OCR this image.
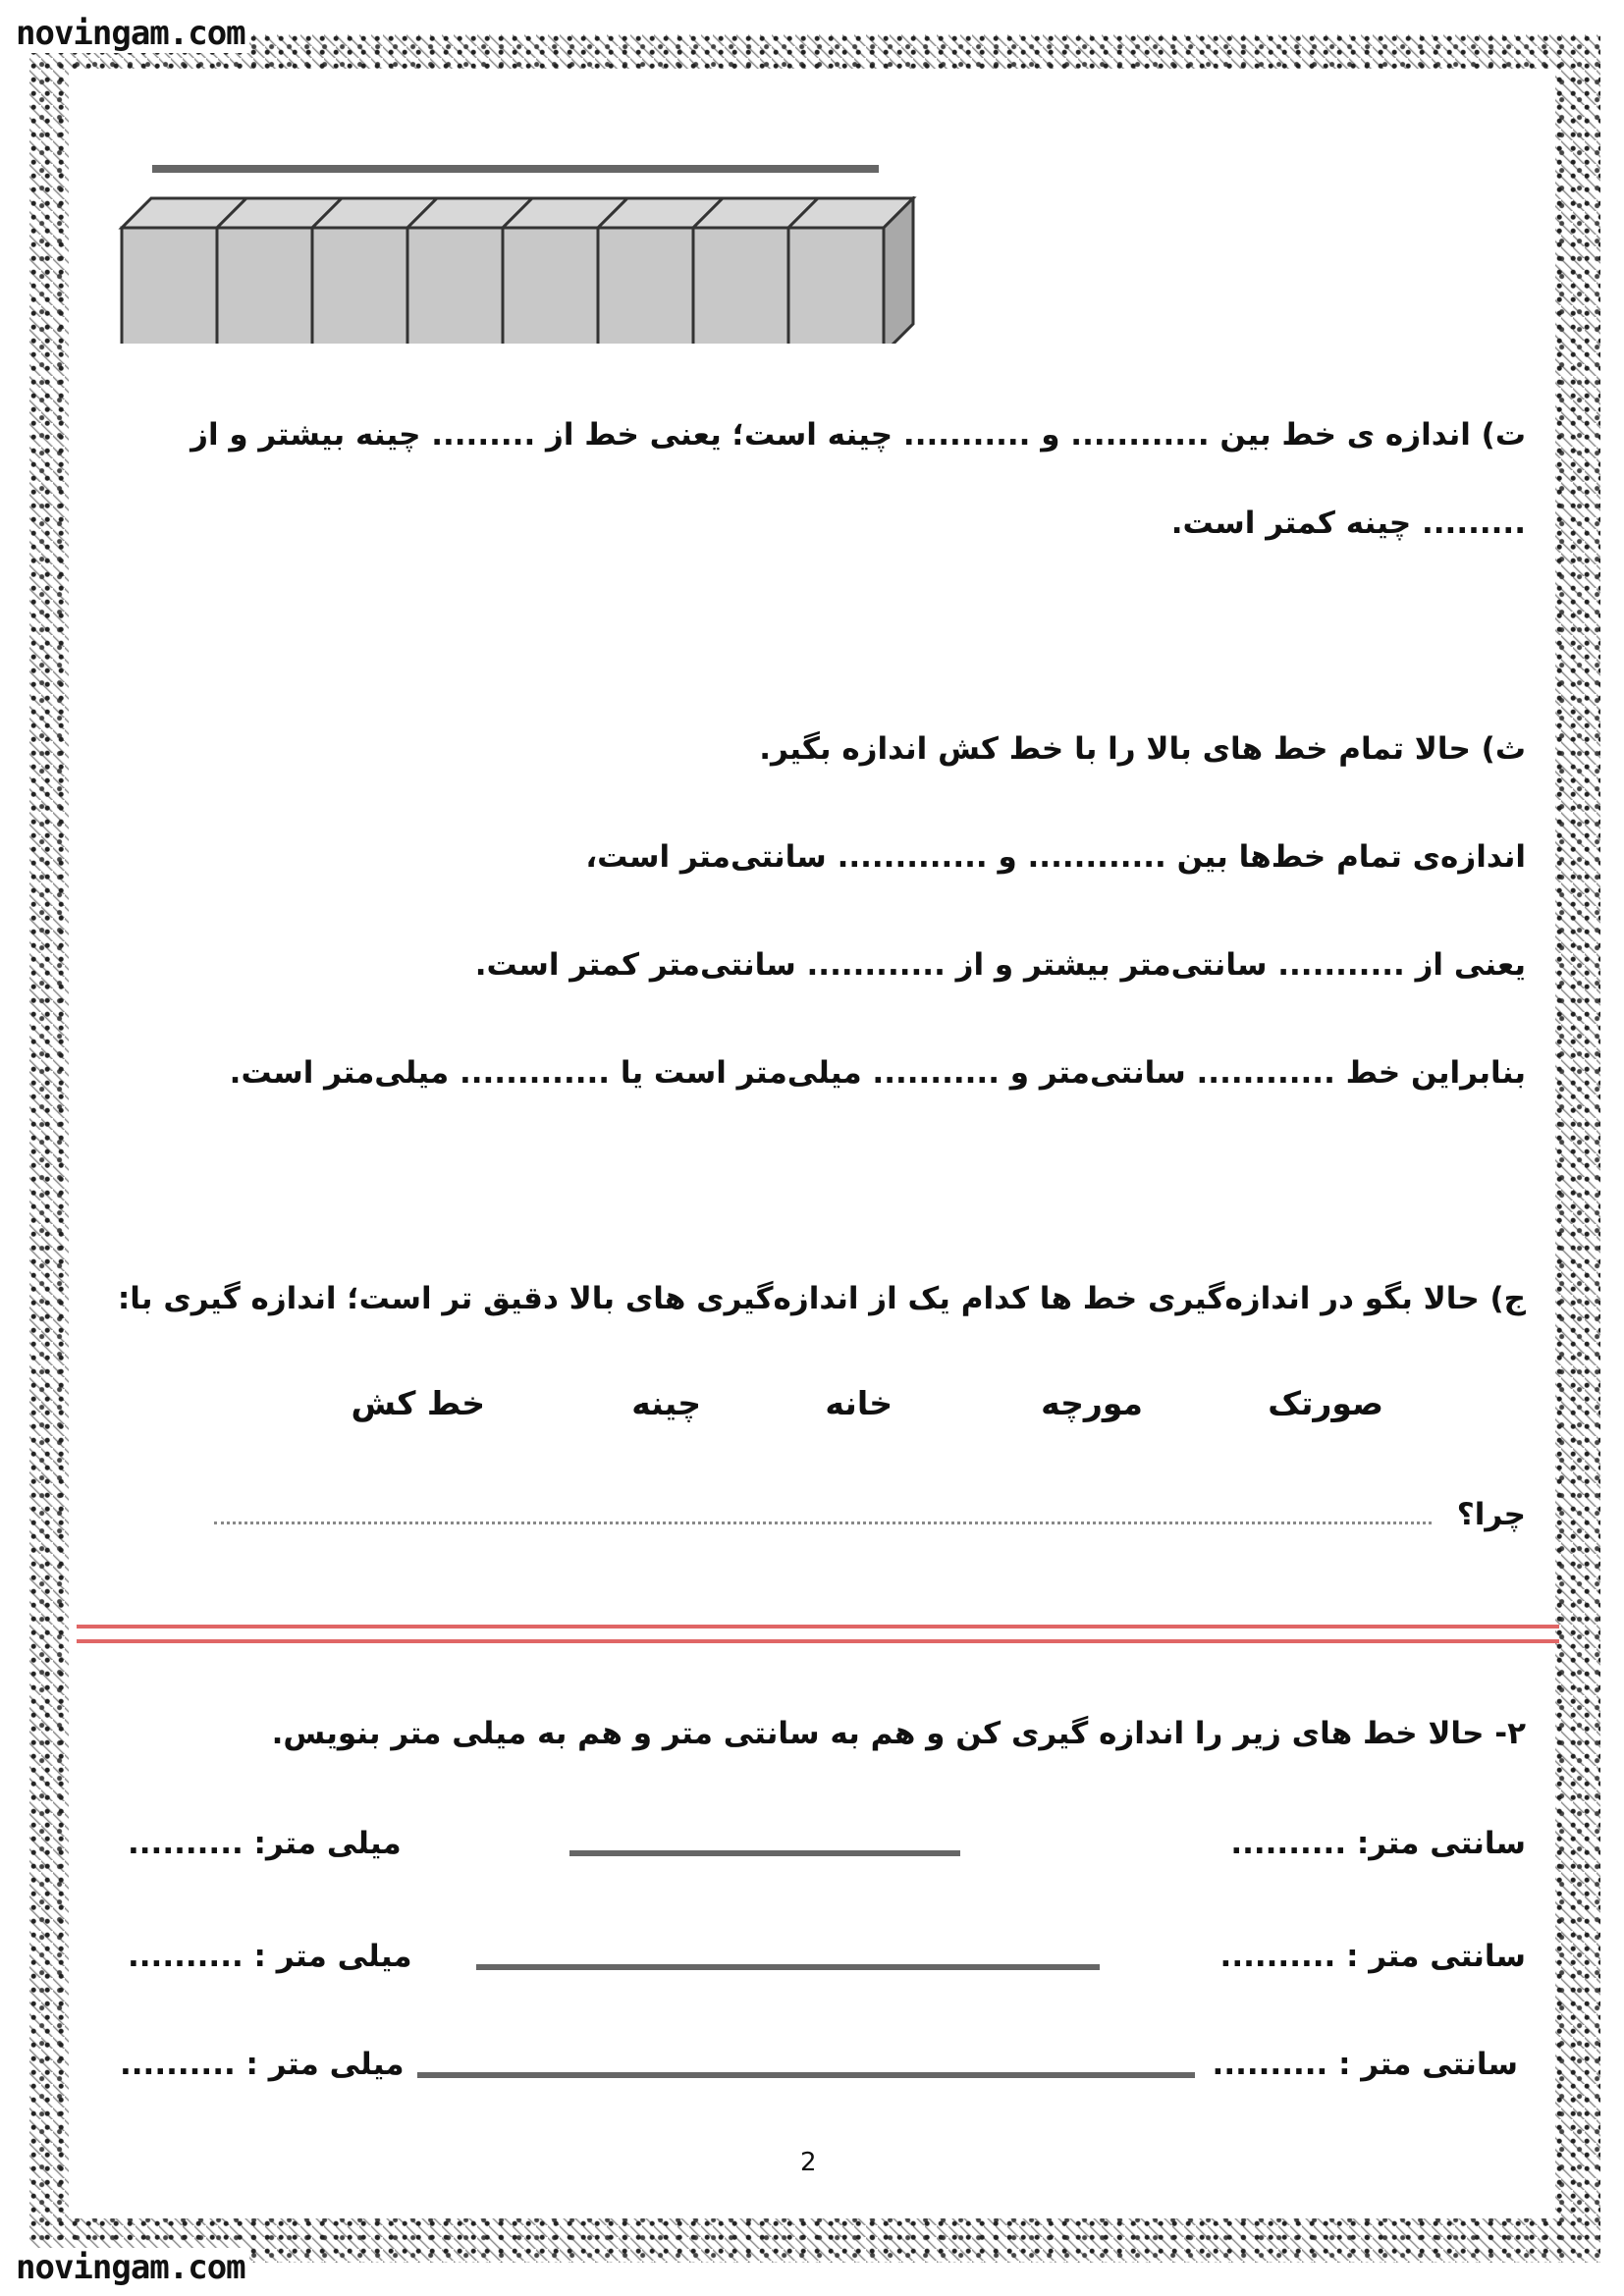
novingam.com
ت) اندازه ی خط بین ............ و ........... چینه است؛ یعنی خط از ......... چینه بیشتر و از
......... چینه کمتر است.
ث) حالا تمام خط های بالا را با خط کش اندازه بگیر.
اندازه‌ی تمام خط‌ها بین ............ و ............. سانتی‌متر است،
یعنی از ........... سانتی‌متر بیشتر و از ............ سانتی‌متر کمتر است.
بنابراین خط ............ سانتی‌متر و ........... میلی‌متر است یا ............. میلی‌متر است.
ج) حالا بگو در اندازه‌گیری خط ها کدام یک از اندازه‌گیری های بالا دقیق تر است؛ اندازه گیری با:
صورتک
مورچه
خانه
چینه
خط کش
چرا؟
۲- حالا خط های زیر را اندازه گیری کن و هم به سانتی متر و هم به میلی متر بنویس.
سانتی متر: ..........
میلی متر: ..........
سانتی متر : ..........
میلی متر : ..........
سانتی متر : ..........
میلی متر : ..........
2
novingam.com
